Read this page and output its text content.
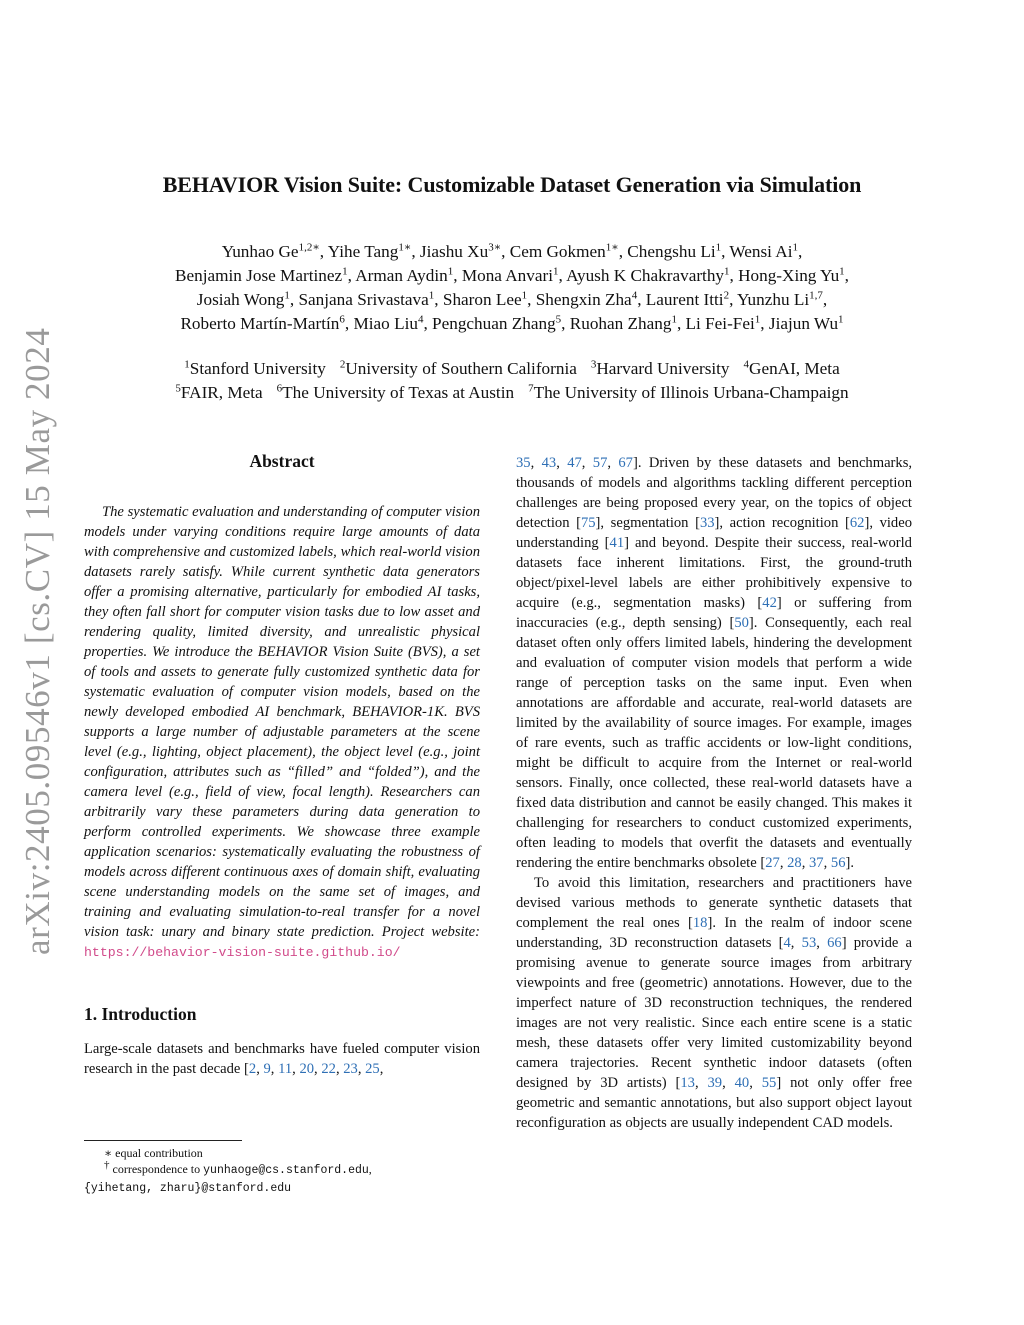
arXiv:2405.09546v1 [cs.CV] 15 May 2024
BEHAVIOR Vision Suite: Customizable Dataset Generation via Simulation
Yunhao $Ge^{1,2∗}$, Yihe Tang$^{1∗}$, Jiashu $Xu^{3∗}$, Cem Gokmen$^{1∗}$, Chengshu Li$^1$, Wensi Ai$^1$,
Benjamin Jose Martinez$^1$, Arman Aydin$^1$, Mona Anvari$^1$, Ayush K Chakravarthy$^1$, Hong-Xing Yu$^1$,
Josiah Wong$^1$, Sanjana Srivastava$^1$, Sharon Lee$^1$, Shengxin Zha$^4$, Laurent Itti$^2$, Yunzhu Li$^{1,7}$,
Roberto Martín-Martín$^6$, Miao Liu$^4$, Pengchuan Zhang$^5$, Ruohan Zhang$^1$, Li Fei-Fei$^1$, Jiajun Wu$^1$
$^1$Stanford University $^2$University of Southern California $^3$Harvard University $^4$GenAI, Meta
$^5$FAIR, Meta $^6$The University of Texas at Austin $^7$The University of Illinois Urbana-Champaign
Abstract

The systematic evaluation and understanding of computer vision models under varying conditions require large amounts of data with comprehensive and customized labels, which real-world vision datasets rarely satisfy. While current synthetic data generators offer a promising alternative, particularly for embodied AI tasks, they often fall short for computer vision tasks due to low asset and rendering quality, limited diversity, and unrealistic physical properties. We introduce the BEHAVIOR Vision Suite (BVS), a set of tools and assets to generate fully customized synthetic data for systematic evaluation of computer vision models, based on the newly developed embodied AI benchmark, BEHAVIOR-1K. BVS supports a large number of adjustable parameters at the scene level (e.g., lighting, object placement), the object level (e.g., joint configuration, attributes such as “filled” and “folded”), and the camera level (e.g., field of view, focal length). Researchers can arbitrarily vary these parameters during data generation to perform controlled experiments. We showcase three example application scenarios: systematically evaluating the robustness of models across different continuous axes of domain shift, evaluating scene understanding models on the same set of images, and training and evaluating simulation-to-real transfer for a novel vision task: unary and binary state prediction. Project website: https://behavior-vision-suite.github.io/

1. Introduction

Large-scale datasets and benchmarks have fueled computer vision research in the past decade [2, 9, 11, 20, 22, 23, 25,

35, 43, 47, 57, 67]. Driven by these datasets and benchmarks, thousands of models and algorithms tackling different perception challenges are being proposed every year, on the topics of object detection [75], segmentation [33], action recognition [62], video understanding [41] and beyond. Despite their success, real-world datasets face inherent limitations. First, the ground-truth object/pixel-level labels are either prohibitively expensive to acquire (e.g., segmentation masks) [42] or suffering from inaccuracies (e.g., depth sensing) [50]. Consequently, each real dataset often only offers limited labels, hindering the development and evaluation of computer vision models that perform a wide range of perception tasks on the same input. Even when annotations are affordable and accurate, real-world datasets are limited by the availability of source images. For example, images of rare events, such as traffic accidents or low-light conditions, might be difficult to acquire from the Internet or real-world sensors. Finally, once collected, these real-world datasets have a fixed data distribution and cannot be easily changed. This makes it challenging for researchers to conduct customized experiments, often leading to models that overfit the datasets and eventually rendering the entire benchmarks obsolete [27, 28, 37, 56].

To avoid this limitation, researchers and practitioners have devised various methods to generate synthetic datasets that complement the real ones [18]. In the realm of indoor scene understanding, 3D reconstruction datasets [4, 53, 66] provide a promising avenue to generate source images from arbitrary viewpoints and free (geometric) annotations. However, due to the imperfect nature of 3D reconstruction techniques, the rendered images are not very realistic. Since each entire scene is a static mesh, these datasets offer very limited customizability beyond camera trajectories. Recent synthetic indoor datasets (often designed by 3D artists) [13, 39, 40, 55] not only offer free geometric and semantic annotations, but also support object layout reconfiguration as objects are usually independent CAD models.

∗ equal contribution
† correspondence to yunhaoge@cs.stanford.edu,
{yihetang, zharu}@stanford.edu
